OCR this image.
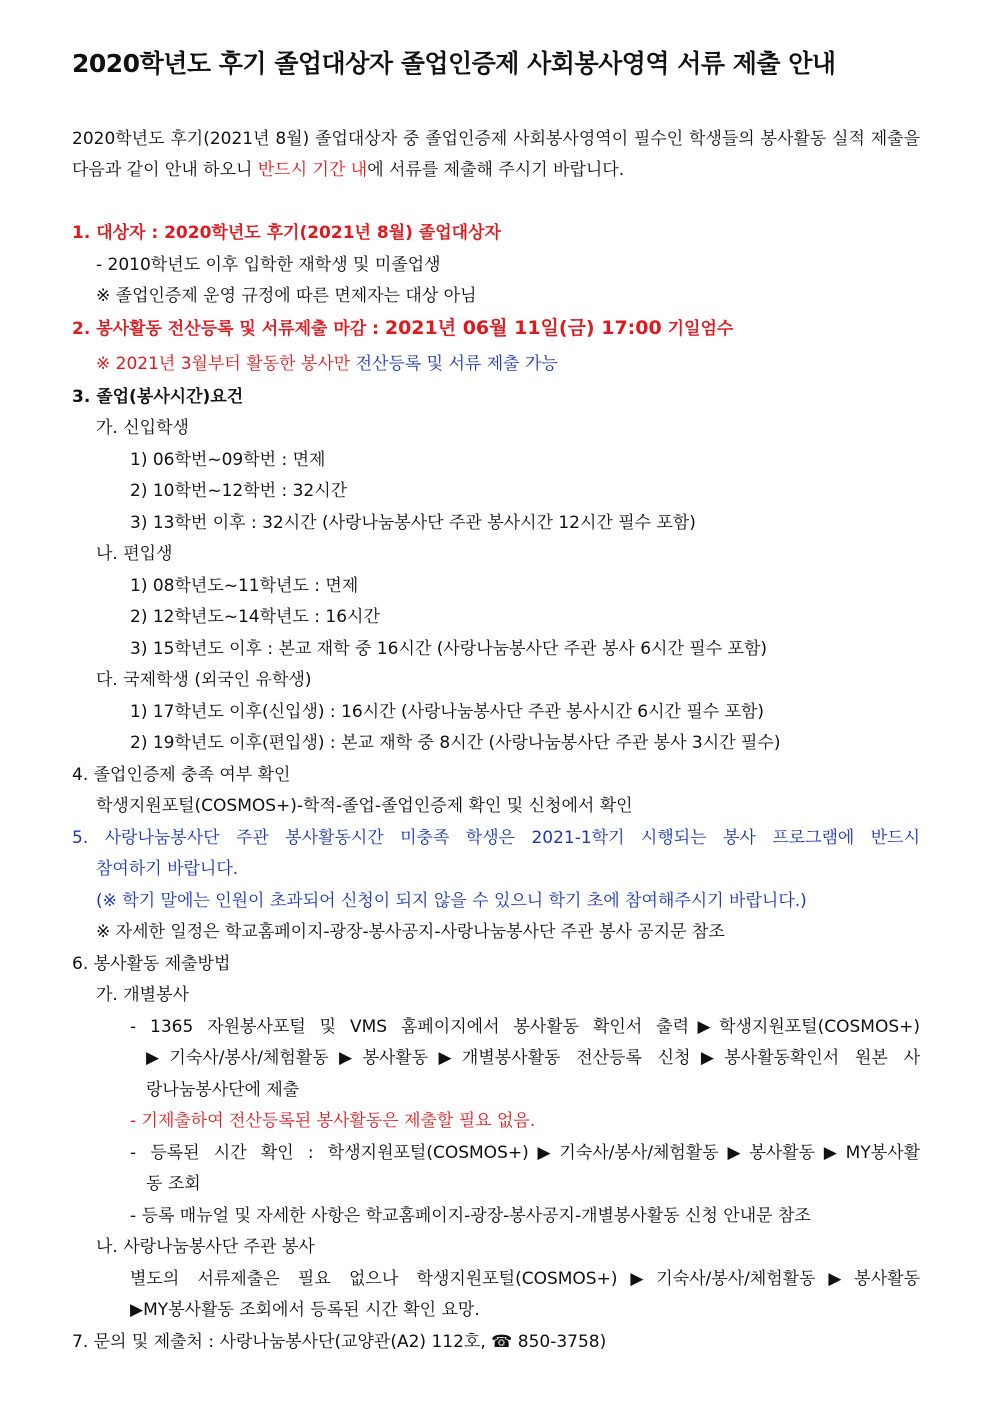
2020학년도 후기 졸업대상자 졸업인증제 사회봉사영역 서류 제출 안내
2020학년도 후기(2021년 8월) 졸업대상자 중 졸업인증제 사회봉사영역이 필수인 학생들의 봉사활동 실적 제출을 다음과 같이 안내 하오니 반드시 기간 내에 서류를 제출해 주시기 바랍니다.
1. 대상자 : 2020학년도 후기(2021년 8월) 졸업대상자
- 2010학년도 이후 입학한 재학생 및 미졸업생
※ 졸업인증제 운영 규정에 따른 면제자는 대상 아님
2. 봉사활동 전산등록 및 서류제출 마감 : 2021년 06월 11일(금) 17:00 기일엄수
※ 2021년 3월부터 활동한 봉사만 전산등록 및 서류 제출 가능
3. 졸업(봉사시간)요건
가. 신입학생
1) 06학번~09학번 : 면제
2) 10학번~12학번 : 32시간
3) 13학번 이후 : 32시간 (사랑나눔봉사단 주관 봉사시간 12시간 필수 포함)
나. 편입생
1) 08학년도~11학년도 : 면제
2) 12학년도~14학년도 : 16시간
3) 15학년도 이후 : 본교 재학 중 16시간 (사랑나눔봉사단 주관 봉사 6시간 필수 포함)
다. 국제학생 (외국인 유학생)
1) 17학년도 이후(신입생) : 16시간 (사랑나눔봉사단 주관 봉사시간 6시간 필수 포함)
2) 19학년도 이후(편입생) : 본교 재학 중 8시간 (사랑나눔봉사단 주관 봉사 3시간 필수)
4. 졸업인증제 충족 여부 확인
학생지원포털(COSMOS+)-학적-졸업-졸업인증제 확인 및 신청에서 확인
5. 사랑나눔봉사단 주관 봉사활동시간 미충족 학생은 2021-1학기 시행되는 봉사 프로그램에 반드시
참여하기 바랍니다.
(※ 학기 말에는 인원이 초과되어 신청이 되지 않을 수 있으니 학기 초에 참여해주시기 바랍니다.)
※ 자세한 일정은 학교홈페이지-광장-봉사공지-사랑나눔봉사단 주관 봉사 공지문 참조
6. 봉사활동 제출방법
가. 개별봉사
- 1365 자원봉사포털 및 VMS 홈페이지에서 봉사활동 확인서 출력▶학생지원포털(COSMOS+)
▶기숙사/봉사/체험활동▶봉사활동▶개별봉사활동 전산등록 신청▶봉사활동확인서 원본 사
랑나눔봉사단에 제출
- 기제출하여 전산등록된 봉사활동은 제출할 필요 없음.
- 등록된 시간 확인 : 학생지원포털(COSMOS+)▶기숙사/봉사/체험활동▶봉사활동▶MY봉사활
동 조회
- 등록 매뉴얼 및 자세한 사항은 학교홈페이지-광장-봉사공지-개별봉사활동 신청 안내문 참조
나. 사랑나눔봉사단 주관 봉사
별도의 서류제출은 필요 없으나 학생지원포털(COSMOS+)▶기숙사/봉사/체험활동▶봉사활동
▶MY봉사활동 조회에서 등록된 시간 확인 요망.
7. 문의 및 제출처 : 사랑나눔봉사단(교양관(A2) 112호, ☎ 850-3758)
